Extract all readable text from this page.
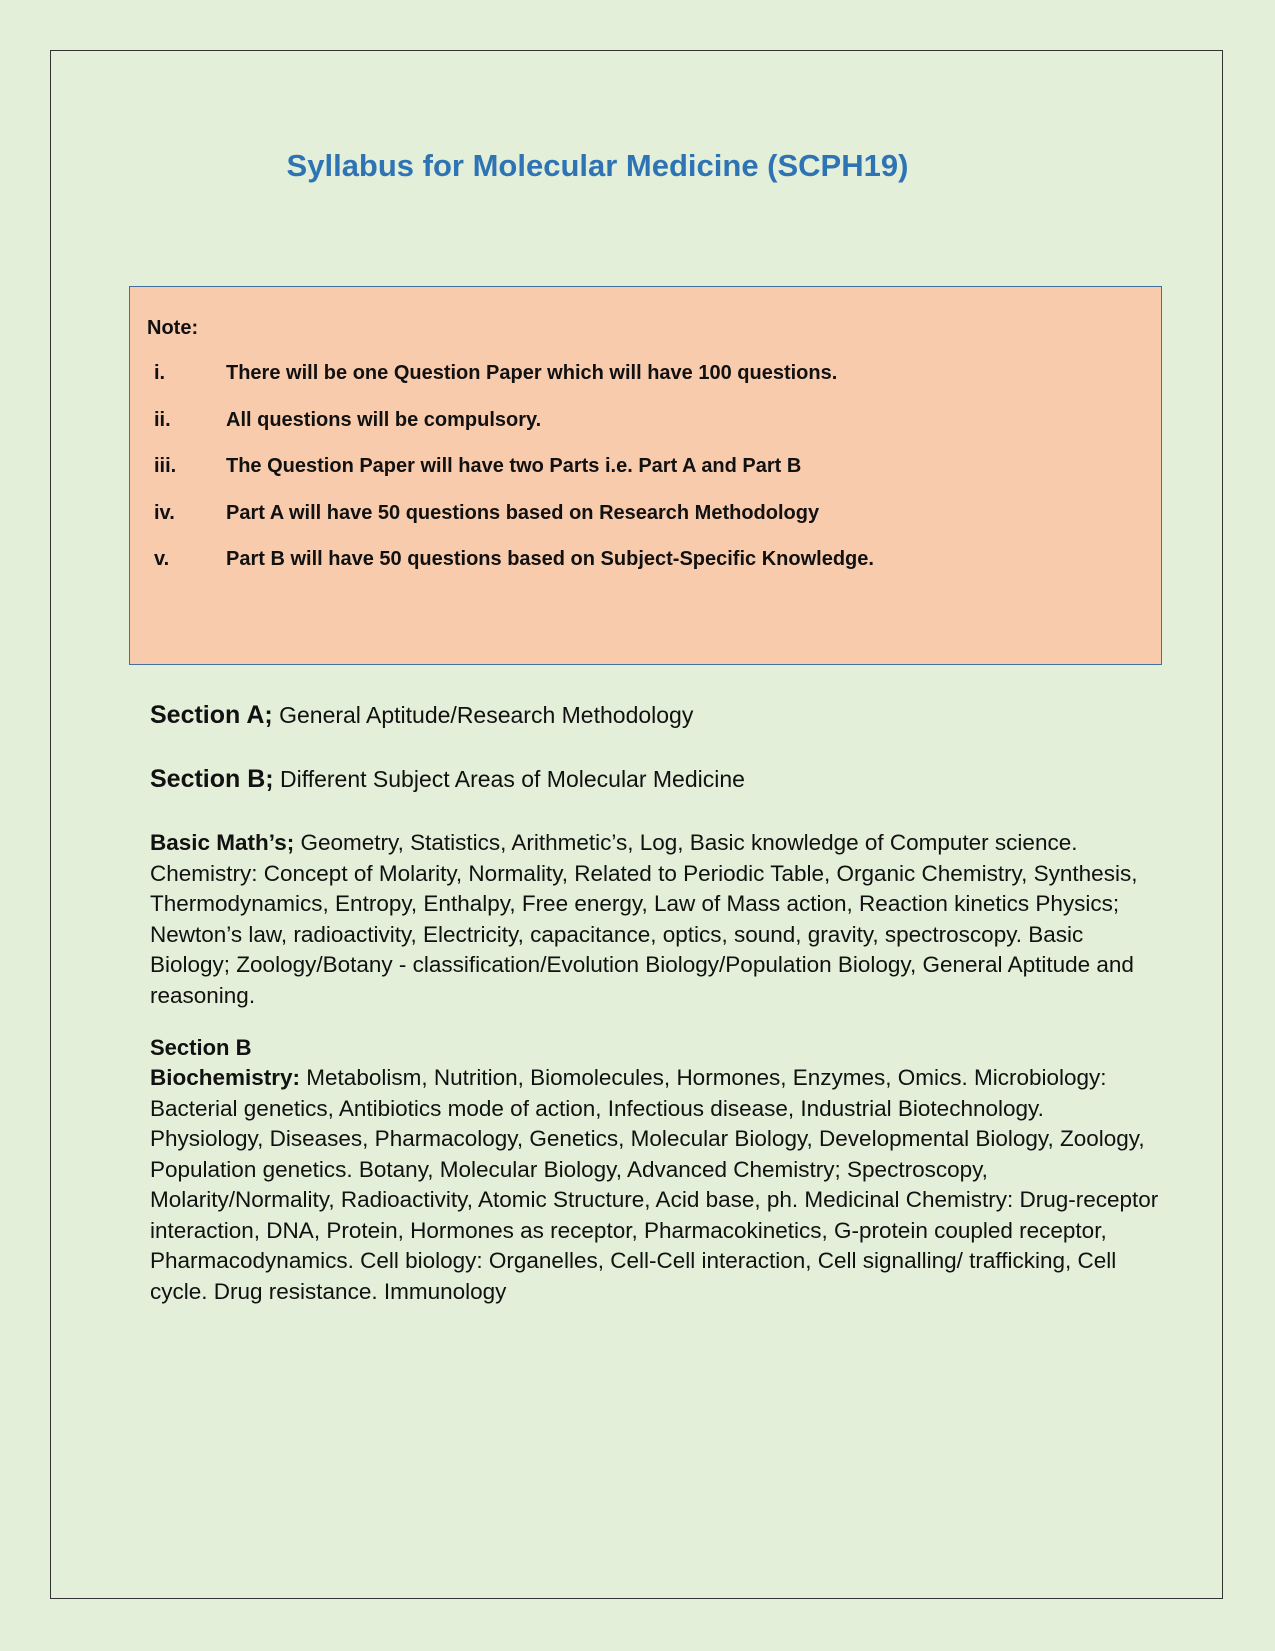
Syllabus for Molecular Medicine (SCPH19)
Note:
i.	There will be one Question Paper which will have 100 questions.
ii.	All questions will be compulsory.
iii.	The Question Paper will have two Parts i.e. Part A and Part B
iv.	Part A will have 50 questions based on Research Methodology
v.	Part B will have 50 questions based on Subject-Specific Knowledge.

Section A; General Aptitude/Research Methodology

Section B; Different Subject Areas of Molecular Medicine

Basic Math’s; Geometry, Statistics, Arithmetic’s, Log, Basic knowledge of Computer science. Chemistry: Concept of Molarity, Normality, Related to Periodic Table, Organic Chemistry, Synthesis, Thermodynamics, Entropy, Enthalpy, Free energy, Law of Mass action, Reaction kinetics Physics; Newton’s law, radioactivity, Electricity, capacitance, optics, sound, gravity, spectroscopy. Basic Biology; Zoology/Botany - classification/Evolution Biology/Population Biology, General Aptitude and reasoning.

Section B
Biochemistry: Metabolism, Nutrition, Biomolecules, Hormones, Enzymes, Omics. Microbiology: Bacterial genetics, Antibiotics mode of action, Infectious disease, Industrial Biotechnology. Physiology, Diseases, Pharmacology, Genetics, Molecular Biology, Developmental Biology, Zoology, Population genetics. Botany, Molecular Biology, Advanced Chemistry; Spectroscopy, Molarity/Normality, Radioactivity, Atomic Structure, Acid base, ph. Medicinal Chemistry: Drug-receptor interaction, DNA, Protein, Hormones as receptor, Pharmacokinetics, G-protein coupled receptor, Pharmacodynamics. Cell biology: Organelles, Cell-Cell interaction, Cell signalling/ trafficking, Cell cycle. Drug resistance. Immunology
